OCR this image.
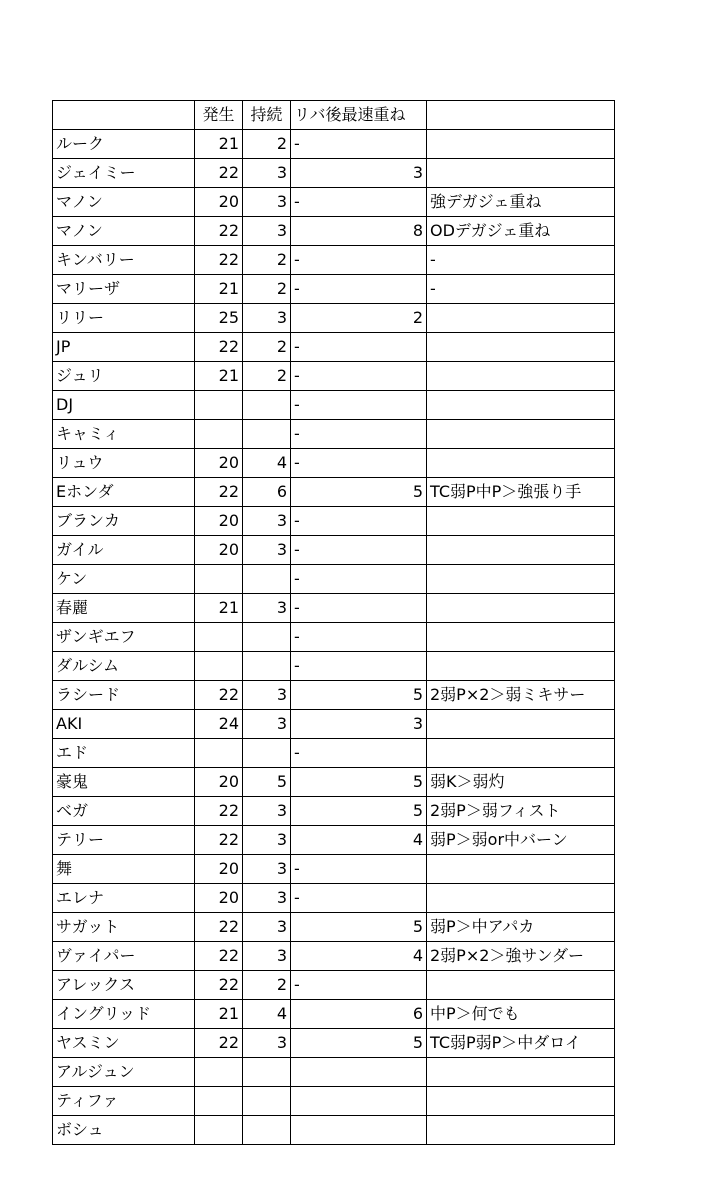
	発生	持続	リバ後最速重ね	
ルーク	21	2	-	
ジェイミー	22	3	3	
マノン	20	3	-	強デガジェ重ね
マノン	22	3	8	ODデガジェ重ね
キンバリー	22	2	-	-
マリーザ	21	2	-	-
リリー	25	3	2	
JP	22	2	-	
ジュリ	21	2	-	
DJ			-	
キャミィ			-	
リュウ	20	4	-	
Eホンダ	22	6	5	TC弱P中P＞強張り手
ブランカ	20	3	-	
ガイル	20	3	-	
ケン			-	
春麗	21	3	-	
ザンギエフ			-	
ダルシム			-	
ラシード	22	3	5	2弱P×2＞弱ミキサー
AKI	24	3	3	
エド			-	
豪鬼	20	5	5	弱K＞弱灼
ベガ	22	3	5	2弱P＞弱フィスト
テリー	22	3	4	弱P＞弱or中バーン
舞	20	3	-	
エレナ	20	3	-	
サガット	22	3	5	弱P＞中アパカ
ヴァイパー	22	3	4	2弱P×2＞強サンダー
アレックス	22	2	-	
イングリッド	21	4	6	中P＞何でも
ヤスミン	22	3	5	TC弱P弱P＞中ダロイ
アルジュン				
ティファ				
ボシュ				
